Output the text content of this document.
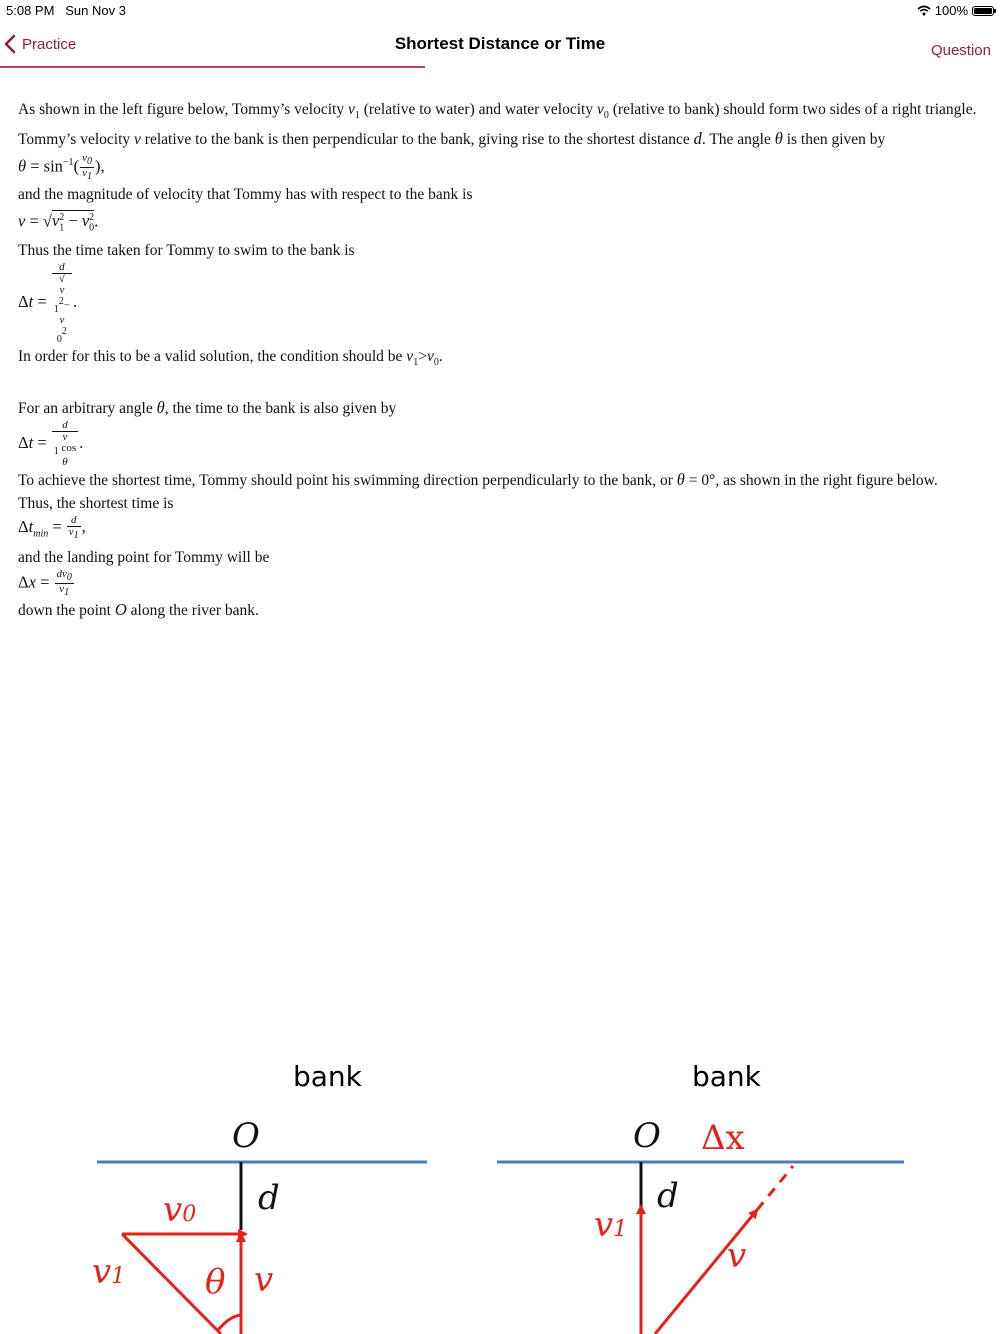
5:08 PM Sun Nov 3	100%
Practice	Shortest Distance or Time	Question

As shown in the left figure below, Tommy’s velocity $v_1$ (relative to water) and water velocity $v_0$ (relative to bank) should form two sides of a right triangle. Tommy’s velocity v relative to the bank is then perpendicular to the bank, giving rise to the shortest distance d. The angle θ is then given by

$\theta = \sin^{-1}( \frac{v_0}{v_1}$ ),

and the magnitude of velocity that Tommy has with respect to the bank is

$v = √v_1^2 - v_0^2$.

Thus the time taken for Tommy to swim to the bank is

Δt = d
√
v
$_1^2$−
v
$_0^2$ .

In order for this to be a valid solution, the condition should be $v_1>v_0$.

For an arbitrary angle θ, the time to the bank is also given by

Δt = d
v
$_1$ cos
θ .

To achieve the shortest time, Tommy should point his swimming direction perpendicularly to the bank, or θ = 0°, as shown in the right figure below.

Thus, the shortest time is

$\Delta t_{min} = \frac{d}{v_1}$ ,

and the landing point for Tommy will be

$\Delta x = \frac{dv_0}{v_1}$

down the point O along the river bank.

bank
O
d
v0
v1 θ v
bank
O Δx
d
v1
v
